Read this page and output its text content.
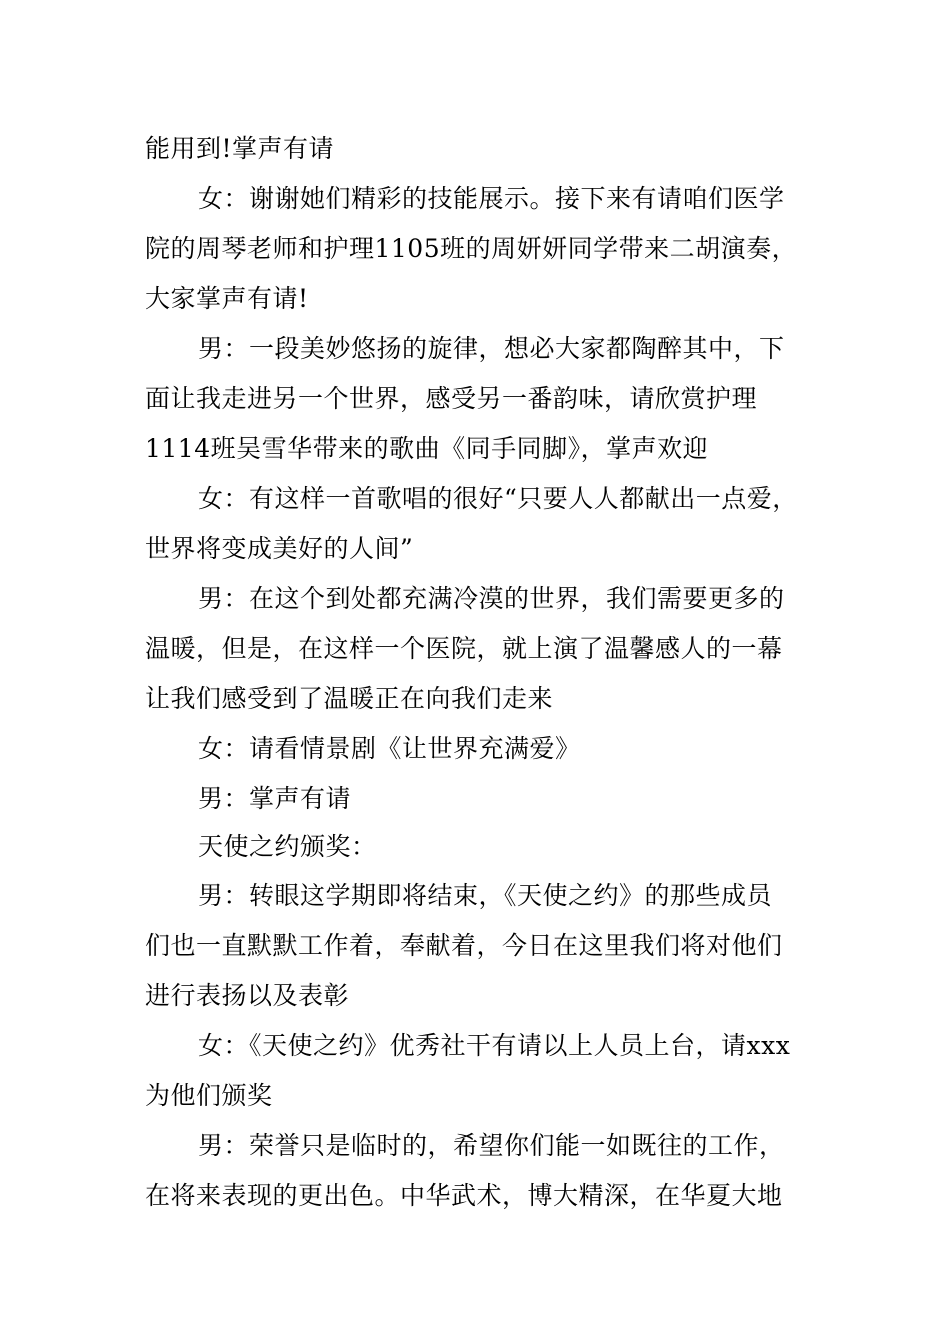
能用到!掌声有请
女：谢谢她们精彩的技能展示。接下来有请咱们医学
院的周琴老师和护理1105班的周妍妍同学带来二胡演奏，
大家掌声有请!
男：一段美妙悠扬的旋律，想必大家都陶醉其中，下
面让我走进另一个世界，感受另一番韵味，请欣赏护理
1114班吴雪华带来的歌曲《同手同脚》，掌声欢迎
女：有这样一首歌唱的很好“只要人人都献出一点爱，
世界将变成美好的人间”
男：在这个到处都充满冷漠的世界，我们需要更多的
温暖，但是，在这样一个医院，就上演了温馨感人的一幕
让我们感受到了温暖正在向我们走来
女：请看情景剧《让世界充满爱》
男：掌声有请
天使之约颁奖：
男：转眼这学期即将结束，《天使之约》的那些成员
们也一直默默工作着，奉献着，今日在这里我们将对他们
进行表扬以及表彰
女：《天使之约》优秀社干有请以上人员上台，请xxx
为他们颁奖
男：荣誉只是临时的，希望你们能一如既往的工作，
在将来表现的更出色。中华武术，博大精深，在华夏大地
